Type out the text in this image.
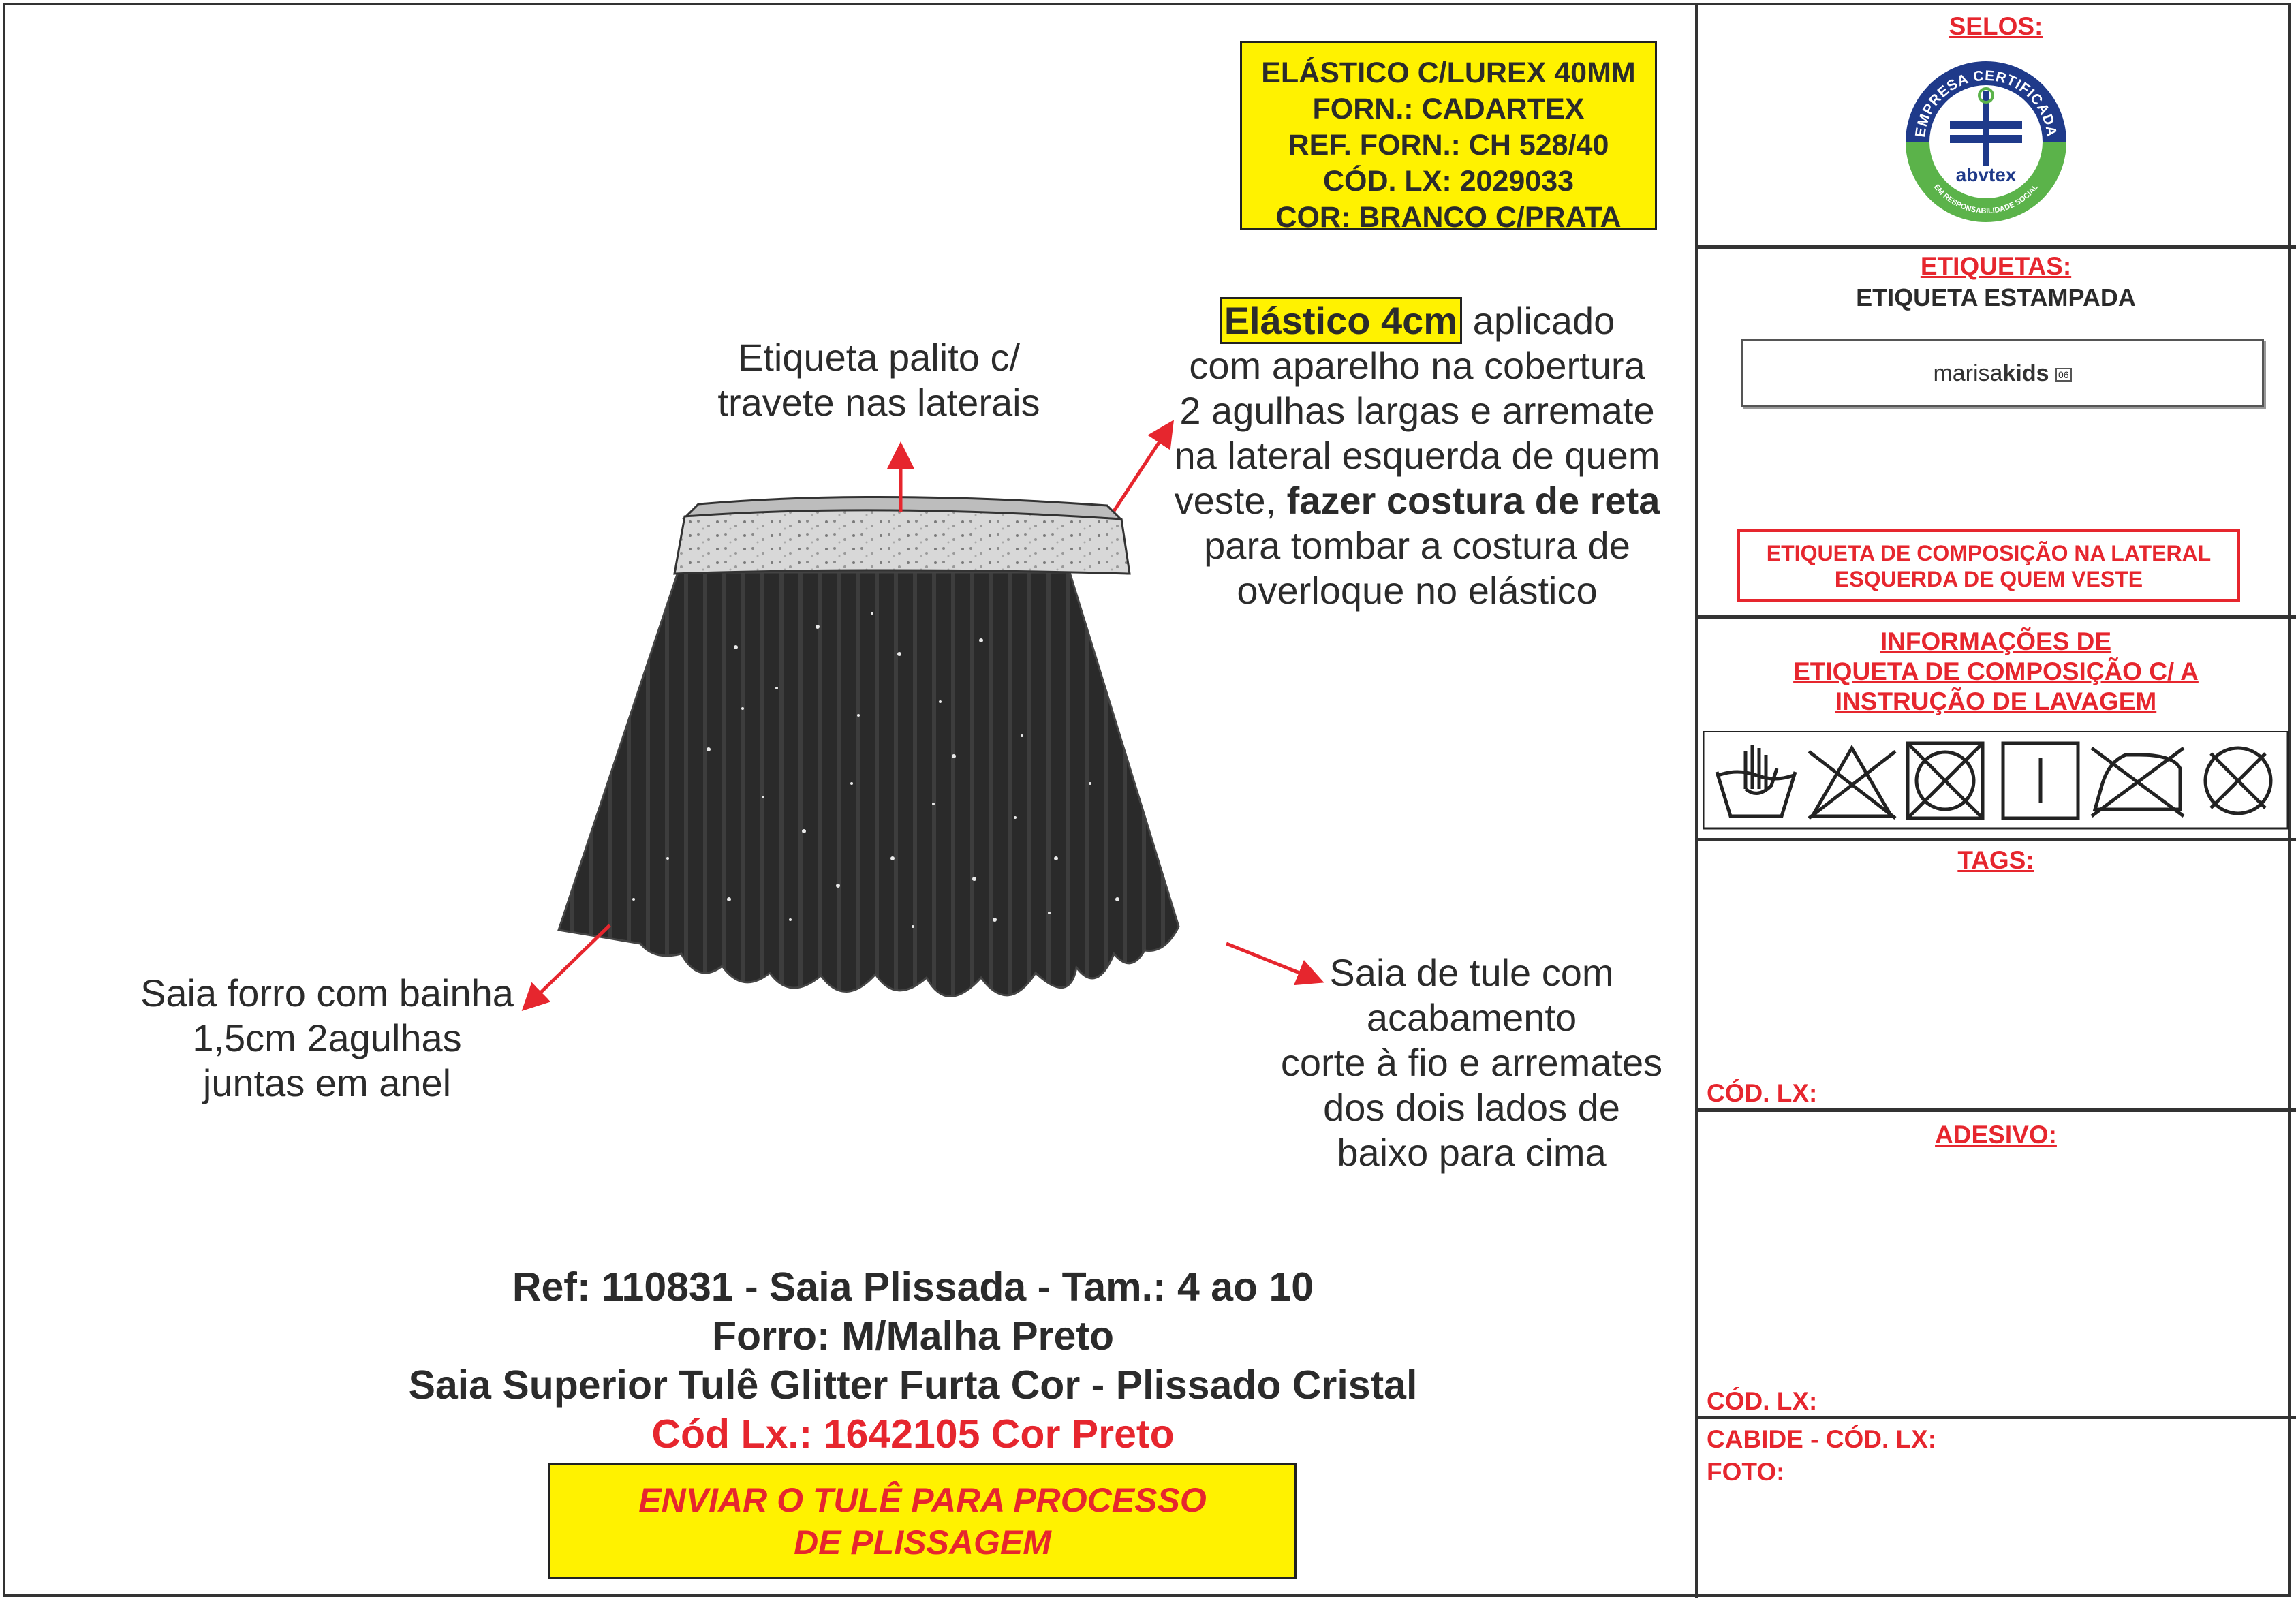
ELÁSTICO C/LUREX 40MM
FORN.: CADARTEX
REF. FORN.: CH 528/40
CÓD. LX: 2029033
COR: BRANCO C/PRATA
Etiqueta palito c/
travete nas laterais
Elástico 4cm aplicado
com aparelho na cobertura
2 agulhas largas e arremate
na lateral esquerda de quem
veste, fazer costura de reta
para tombar a costura de
overloque no elástico
Saia forro com bainha
1,5cm 2agulhas
juntas em anel
Saia de tule com
acabamento
corte à fio e arremates
dos dois lados de
baixo para cima
Ref: 110831 - Saia Plissada - Tam.: 4 ao 10
Forro: M/Malha Preto
Saia Superior Tulê Glitter Furta Cor - Plissado Cristal
Cód Lx.: 1642105 Cor Preto
ENVIAR O TULÊ PARA PROCESSO
DE PLISSAGEM
SELOS:
EMPRESA CERTIFICADA
EM RESPONSABILIDADE SOCIAL
abvtex
ETIQUETAS:
ETIQUETA ESTAMPADA
marisakids 06
ETIQUETA DE COMPOSIÇÃO NA LATERAL
ESQUERDA DE QUEM VESTE
INFORMAÇÕES DE
ETIQUETA DE COMPOSIÇÃO C/ A
INSTRUÇÃO DE LAVAGEM
TAGS:
CÓD. LX:
ADESIVO:
CÓD. LX:
CABIDE - CÓD. LX:
FOTO:
